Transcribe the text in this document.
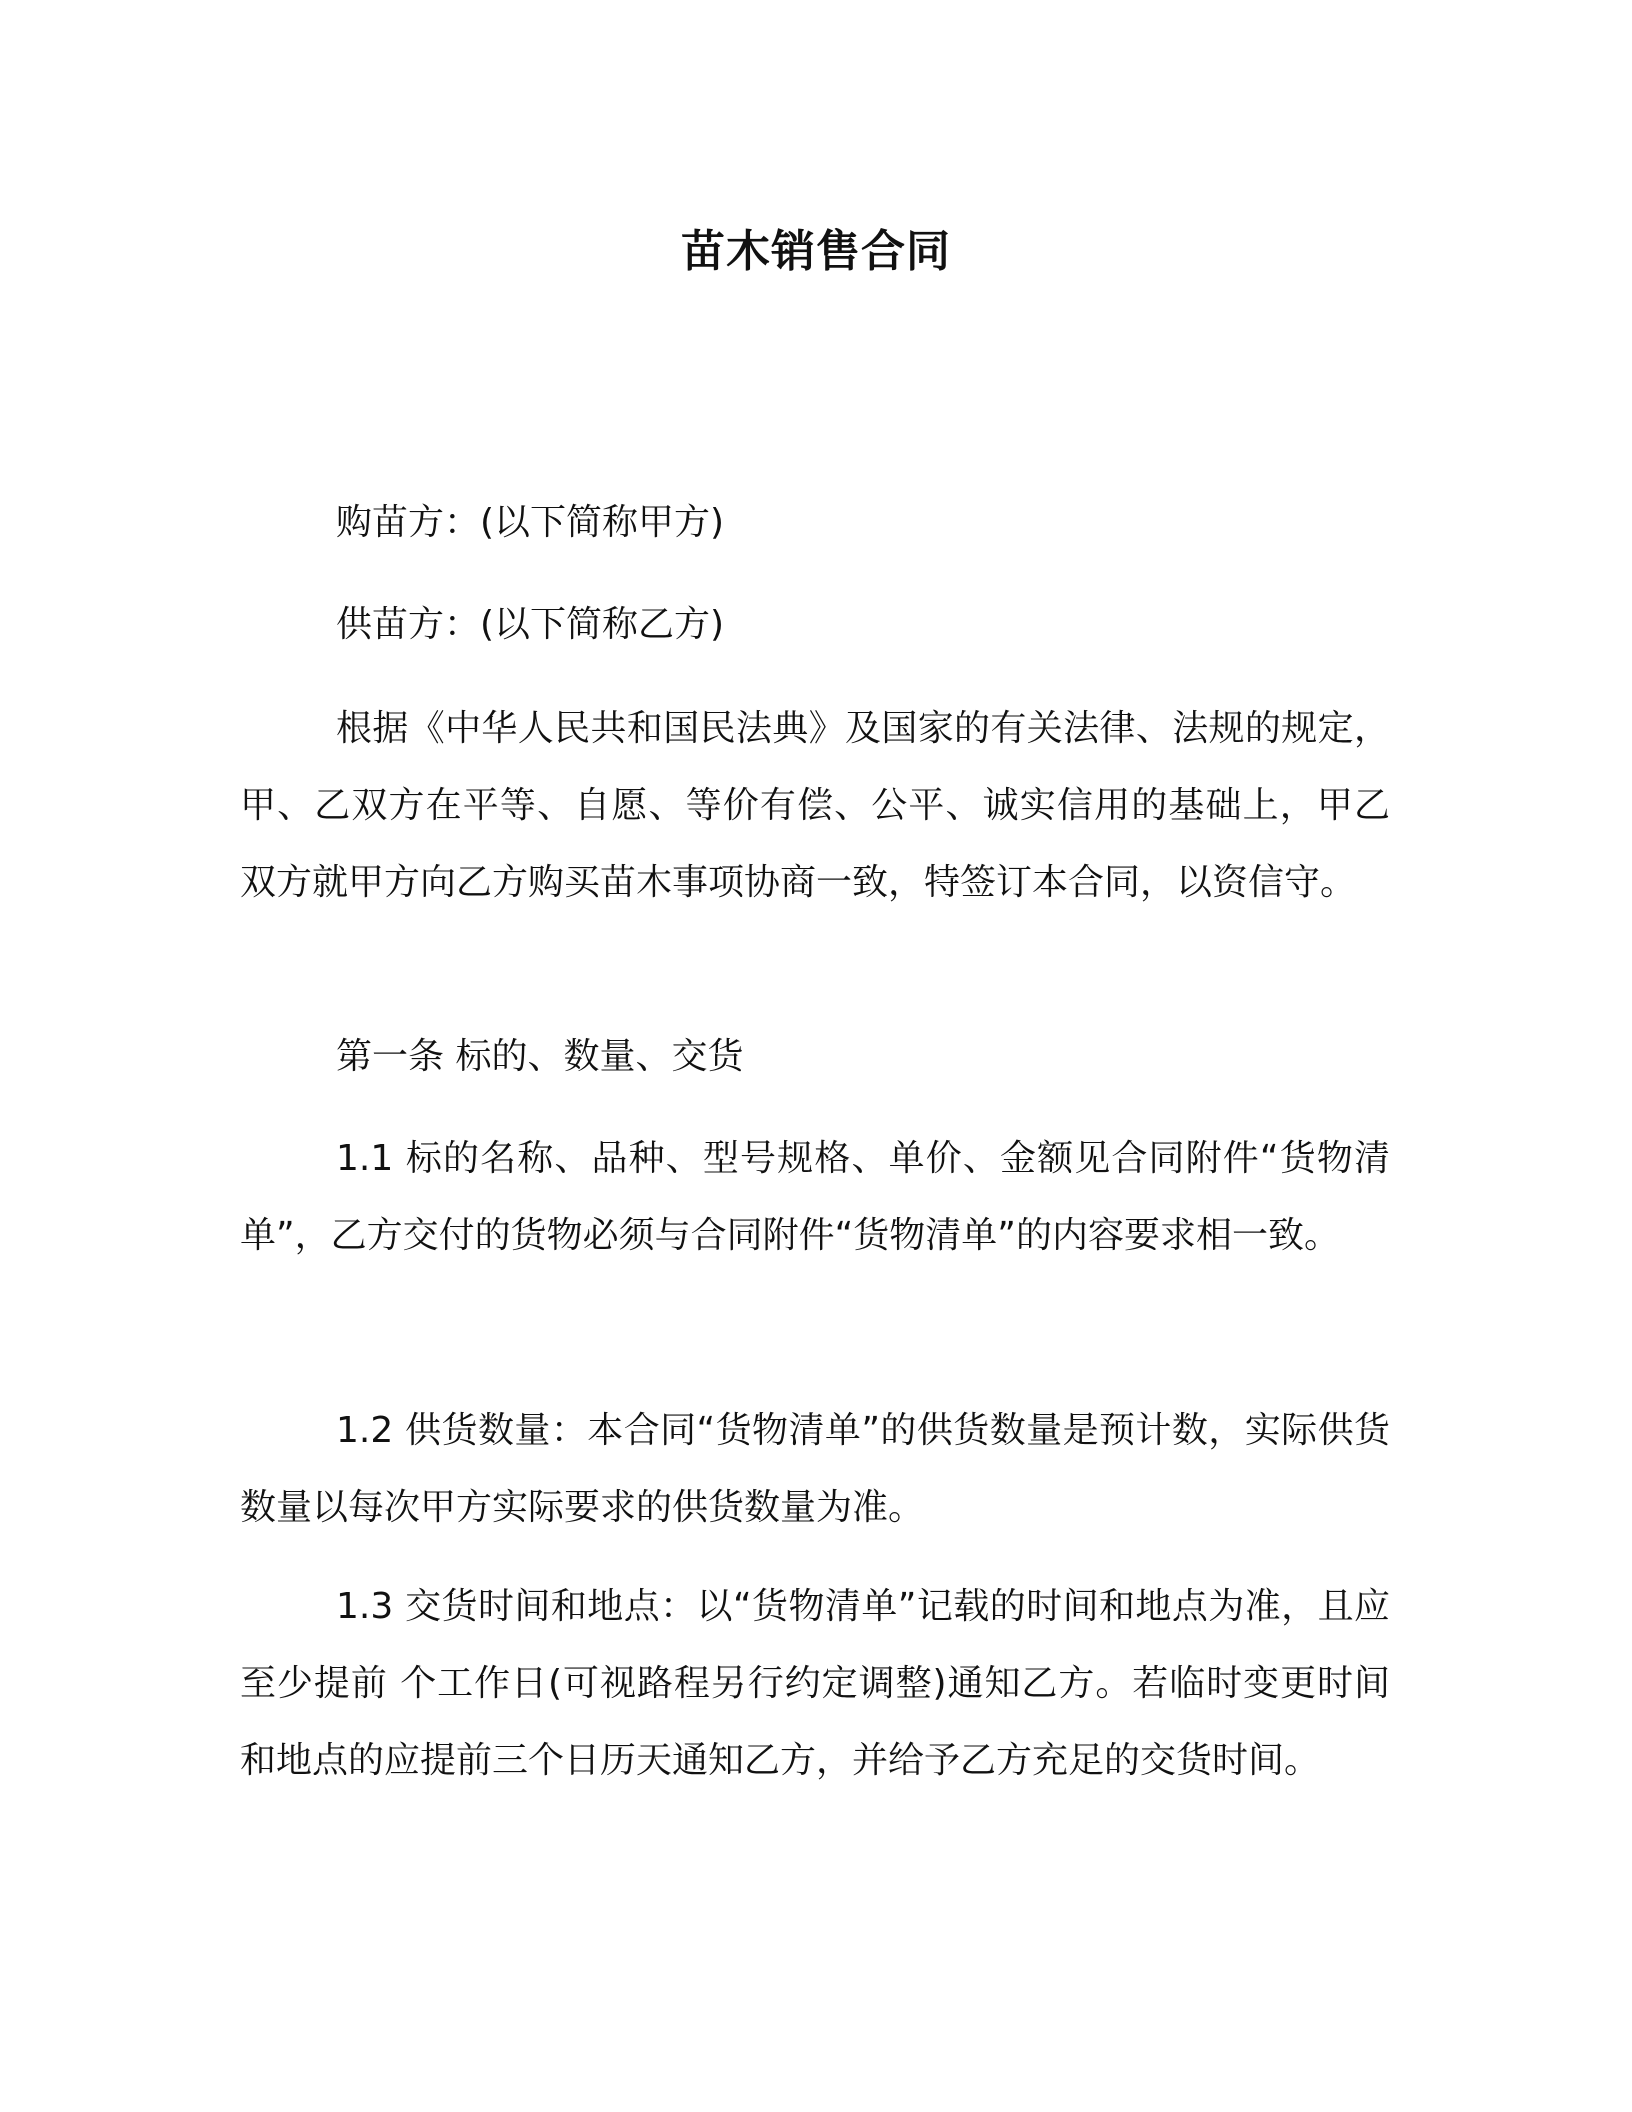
苗木销售合同

购苗方：(以下简称甲方)

供苗方：(以下简称乙方)

根据《中华人民共和国民法典》及国家的有关法律、法规的规定，甲、乙双方在平等、自愿、等价有偿、公平、诚实信用的基础上，甲乙双方就甲方向乙方购买苗木事项协商一致，特签订本合同，以资信守。

第一条 标的、数量、交货

1.1 标的名称、品种、型号规格、单价、金额见合同附件“货物清单”，乙方交付的货物必须与合同附件“货物清单”的内容要求相一致。

1.2 供货数量：本合同“货物清单”的供货数量是预计数，实际供货数量以每次甲方实际要求的供货数量为准。

1.3 交货时间和地点：以“货物清单”记载的时间和地点为准，且应至少提前 个工作日(可视路程另行约定调整)通知乙方。若临时变更时间和地点的应提前三个日历天通知乙方，并给予乙方充足的交货时间。
